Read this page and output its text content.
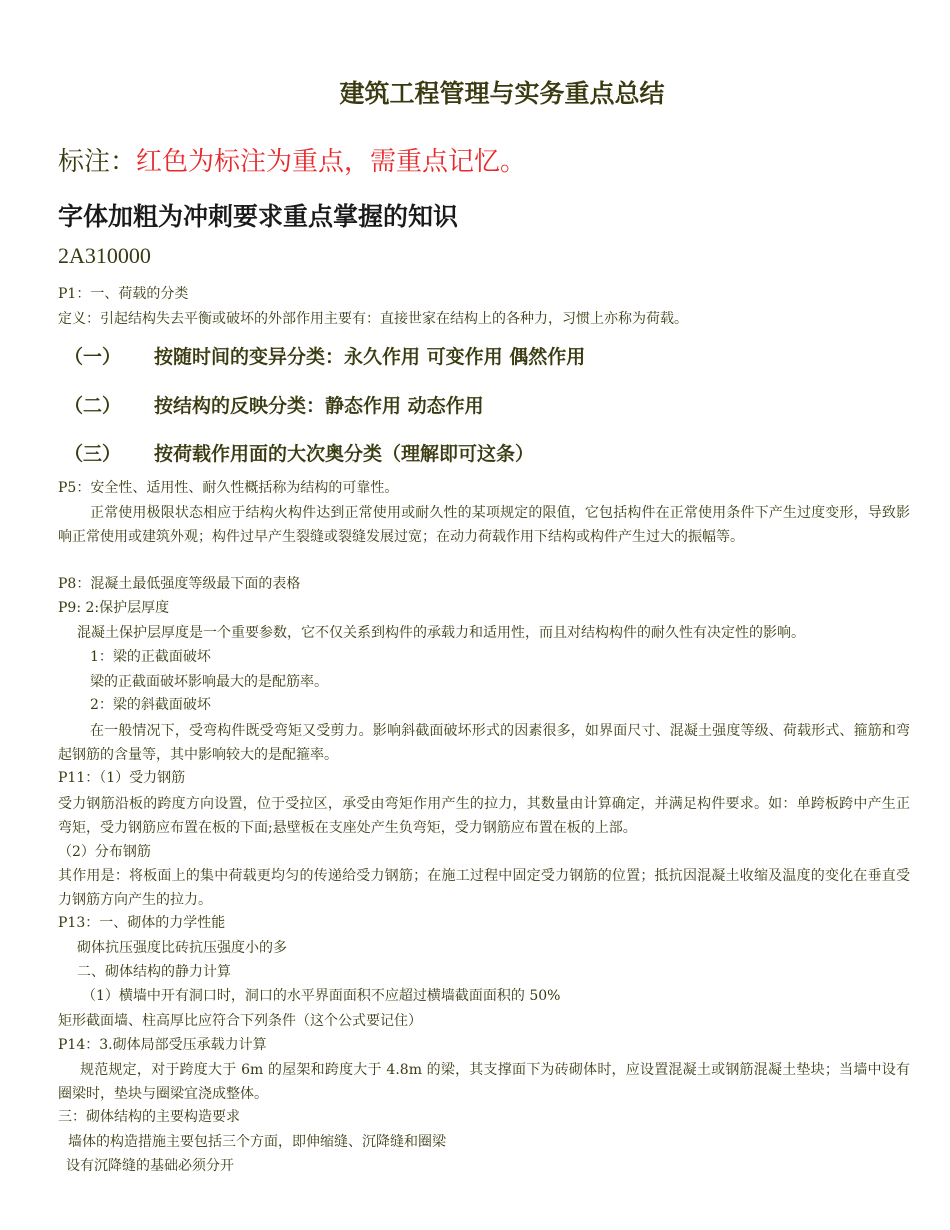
建筑工程管理与实务重点总结
标注：红色为标注为重点，需重点记忆。
字体加粗为冲刺要求重点掌握的知识
2A310000
P1：一、荷载的分类
定义：引起结构失去平衡或破坏的外部作用主要有：直接世家在结构上的各种力，习惯上亦称为荷载。
（一） 按随时间的变异分类：永久作用 可变作用 偶然作用
（二） 按结构的反映分类：静态作用 动态作用
（三） 按荷载作用面的大次奥分类（理解即可这条）
P5：安全性、适用性、耐久性概括称为结构的可靠性。
正常使用极限状态相应于结构火构件达到正常使用或耐久性的某项规定的限值，它包括构件在正常使用条件下产生过度变形，导致影响正常使用或建筑外观；构件过早产生裂缝或裂缝发展过宽；在动力荷载作用下结构或构件产生过大的振幅等。
P8：混凝土最低强度等级最下面的表格
P9: 2:保护层厚度
混凝土保护层厚度是一个重要参数，它不仅关系到构件的承载力和适用性，而且对结构构件的耐久性有决定性的影响。
1：梁的正截面破坏
梁的正截面破坏影响最大的是配筋率。
2：梁的斜截面破坏
在一般情况下，受弯构件既受弯矩又受剪力。影响斜截面破坏形式的因素很多，如界面尺寸、混凝土强度等级、荷载形式、箍筋和弯起钢筋的含量等，其中影响较大的是配箍率。
P11：（1）受力钢筋
受力钢筋沿板的跨度方向设置，位于受拉区，承受由弯矩作用产生的拉力，其数量由计算确定，并满足构件要求。如：单跨板跨中产生正弯矩，受力钢筋应布置在板的下面;悬壁板在支座处产生负弯矩，受力钢筋应布置在板的上部。
（2）分布钢筋
其作用是：将板面上的集中荷载更均匀的传递给受力钢筋；在施工过程中固定受力钢筋的位置；抵抗因混凝土收缩及温度的变化在垂直受力钢筋方向产生的拉力。
P13：一、砌体的力学性能
砌体抗压强度比砖抗压强度小的多
二、砌体结构的静力计算
（1）横墙中开有洞口时，洞口的水平界面面积不应超过横墙截面面积的 50%
矩形截面墙、柱高厚比应符合下列条件（这个公式要记住）
P14：3.砌体局部受压承载力计算
规范规定，对于跨度大于 6m 的屋架和跨度大于 4.8m 的梁，其支撑面下为砖砌体时，应设置混凝土或钢筋混凝土垫块；当墙中设有圈梁时，垫块与圈梁宜浇成整体。
三：砌体结构的主要构造要求
墙体的构造措施主要包括三个方面，即伸缩缝、沉降缝和圈梁
设有沉降缝的基础必须分开
